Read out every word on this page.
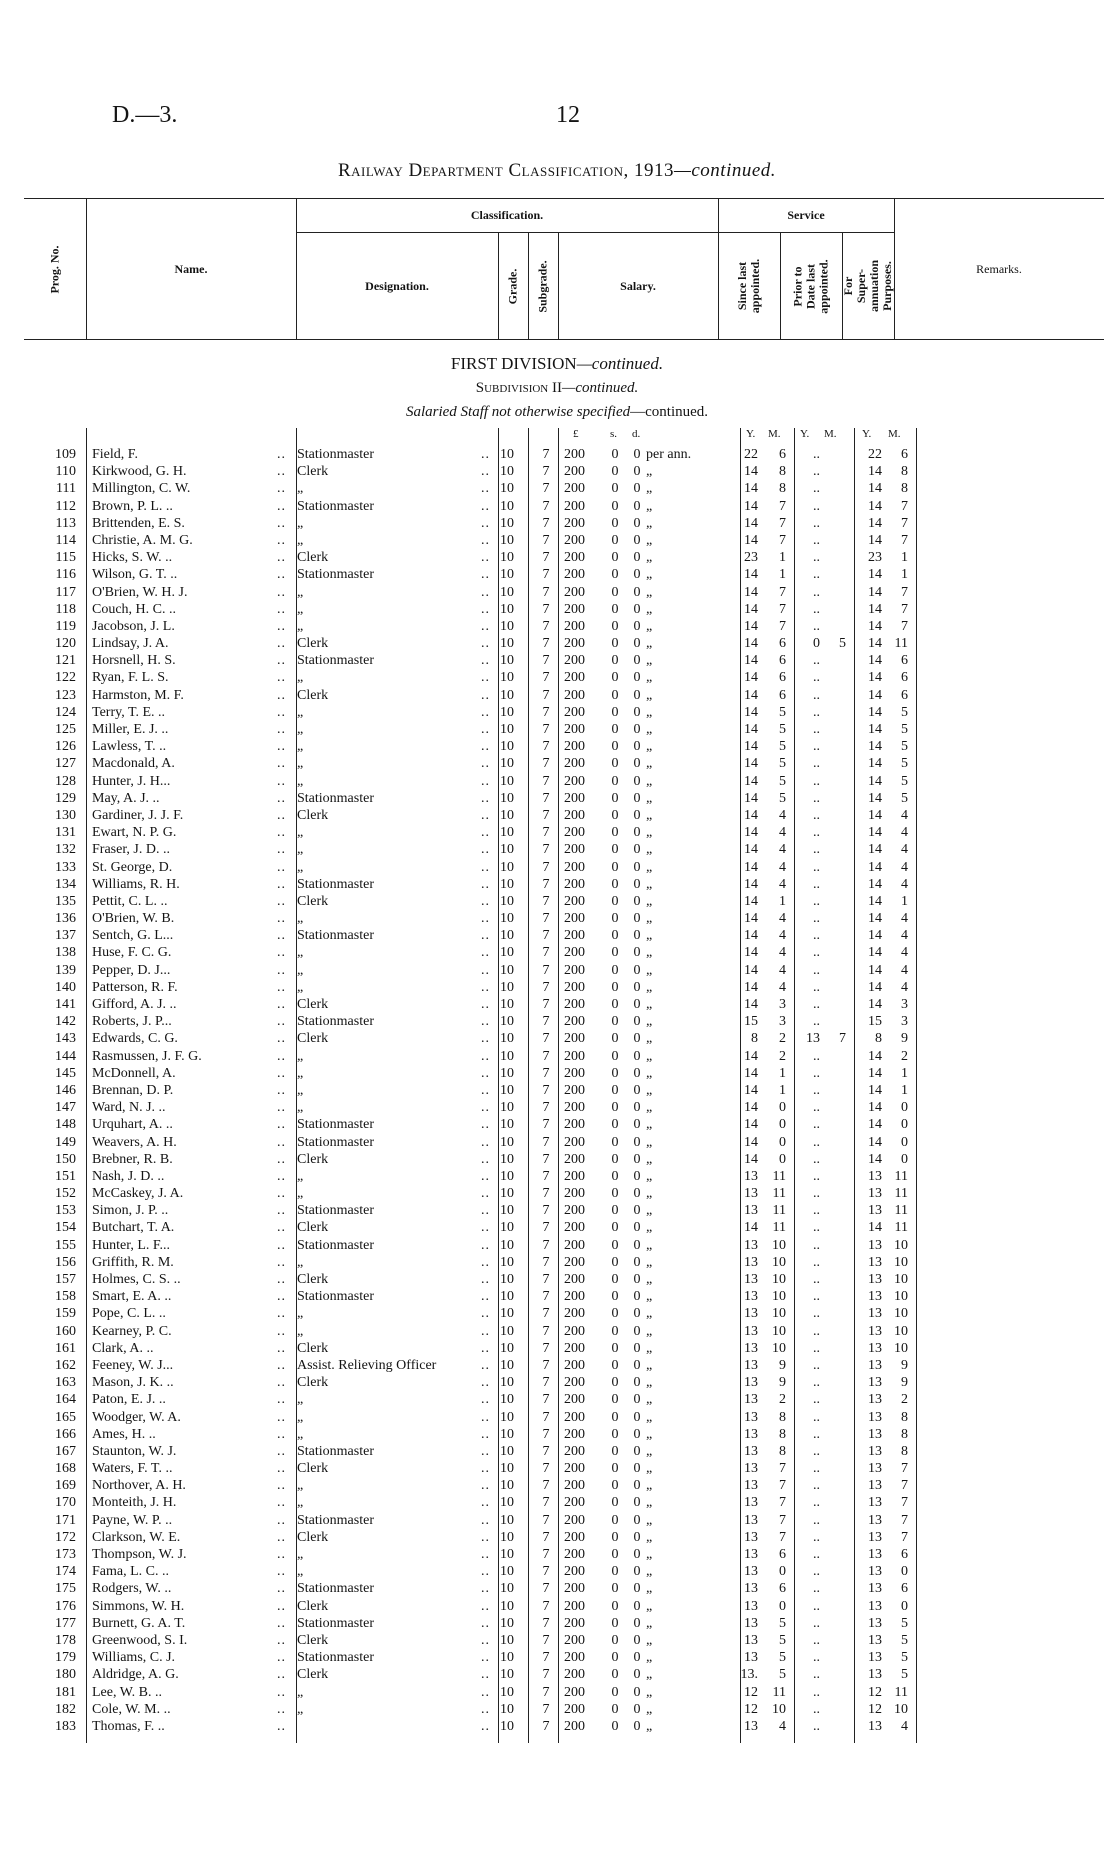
D.—3.	12
Railway Department Classification, 1913—continued.
Prog. No.	Name.
Classification.
Designation.	Grade. Subgrade.	Salary.
Service
Since last appointed. Prior to Date last appointed. For Super-annuation Purposes.	Remarks.
FIRST DIVISION—continued.
Subdivision II—continued.
Salaried Staff not otherwise specified—continued.
£	s. d.	Y. M. Y. M. Y. M.
109 Field, F.	.. Stationmaster	.. 10	7	200	0 0 per ann.	22	6	..	22	6
110 Kirkwood, G. H.	.. Clerk	.. 10	7	200	0 0 „	14	8	..	14	8
111 Millington, C. W.	.. „	.. 10	7	200	0 0 „	14	8	..	14	8
112 Brown, P. L. ..	.. Stationmaster	.. 10	7	200	0 0 „	14	7	..	14	7
113 Brittenden, E. S.	.. „	.. 10	7	200	0 0 „	14	7	..	14	7
114 Christie, A. M. G.	.. „	.. 10	7	200	0 0 „	14	7	..	14	7
115 Hicks, S. W. ..	.. Clerk	.. 10	7	200	0 0 „	23	1	..	23	1
116 Wilson, G. T. ..	.. Stationmaster	.. 10	7	200	0 0 „	14	1	..	14	1
117 O'Brien, W. H. J.	.. „	.. 10	7	200	0 0 „	14	7	..	14	7
118 Couch, H. C. ..	.. „	.. 10	7	200	0 0 „	14	7	..	14	7
119 Jacobson, J. L.	.. „	.. 10	7	200	0 0 „	14	7	..	14	7
120 Lindsay, J. A.	.. Clerk	.. 10	7	200	0 0 „	14	6	0	5	14 11
121 Horsnell, H. S.	.. Stationmaster	.. 10	7	200	0 0 „	14	6	..	14	6
122 Ryan, F. L. S.	.. „	.. 10	7	200	0 0 „	14	6	..	14	6
123 Harmston, M. F.	.. Clerk	.. 10	7	200	0 0 „	14	6	..	14	6
124 Terry, T. E. ..	.. „	.. 10	7	200	0 0 „	14	5	..	14	5
125 Miller, E. J. ..	.. „	.. 10	7	200	0 0 „	14	5	..	14	5
126 Lawless, T. ..	.. „	.. 10	7	200	0 0 „	14	5	..	14	5
127 Macdonald, A.	.. „	.. 10	7	200	0 0 „	14	5	..	14	5
128 Hunter, J. H...	.. „	.. 10	7	200	0 0 „	14	5	..	14	5
129 May, A. J. ..	.. Stationmaster	.. 10	7	200	0 0 „	14	5	..	14	5
130 Gardiner, J. J. F.	.. Clerk	.. 10	7	200	0 0 „	14	4	..	14	4
131 Ewart, N. P. G.	.. „	.. 10	7	200	0 0 „	14	4	..	14	4
132 Fraser, J. D. ..	.. „	.. 10	7	200	0 0 „	14	4	..	14	4
133 St. George, D.	.. „	.. 10	7	200	0 0 „	14	4	..	14	4
134 Williams, R. H.	.. Stationmaster	.. 10	7	200	0 0 „	14	4	..	14	4
135 Pettit, C. L. ..	.. Clerk	.. 10	7	200	0 0 „	14	1	..	14	1
136 O'Brien, W. B.	.. „	.. 10	7	200	0 0 „	14	4	..	14	4
137 Sentch, G. L...	.. Stationmaster	.. 10	7	200	0 0 „	14	4	..	14	4
138 Huse, F. C. G.	.. „	.. 10	7	200	0 0 „	14	4	..	14	4
139 Pepper, D. J...	.. „	.. 10	7	200	0 0 „	14	4	..	14	4
140 Patterson, R. F.	.. „	.. 10	7	200	0 0 „	14	4	..	14	4
141 Gifford, A. J. ..	.. Clerk	.. 10	7	200	0 0 „	14	3	..	14	3
142 Roberts, J. P...	.. Stationmaster	.. 10	7	200	0 0 „	15	3	..	15	3
143 Edwards, C. G.	.. Clerk	.. 10	7	200	0 0 „	8	2	13	7	8	9
144 Rasmussen, J. F. G.	.. „	.. 10	7	200	0 0 „	14	2	..	14	2
145 McDonnell, A.	.. „	.. 10	7	200	0 0 „	14	1	..	14	1
146 Brennan, D. P.	.. „	.. 10	7	200	0 0 „	14	1	..	14	1
147 Ward, N. J. ..	.. „	.. 10	7	200	0 0 „	14	0	..	14	0
148 Urquhart, A. ..	.. Stationmaster	.. 10	7	200	0 0 „	14	0	..	14	0
149 Weavers, A. H.	.. Stationmaster	.. 10	7	200	0 0 „	14	0	..	14	0
150 Brebner, R. B.	.. Clerk	.. 10	7	200	0 0 „	14	0	..	14	0
151 Nash, J. D. ..	.. „	.. 10	7	200	0 0 „	13	11	..	13 11
152 McCaskey, J. A.	.. „	.. 10	7	200	0 0 „	13	11	..	13 11
153 Simon, J. P. ..	.. Stationmaster	.. 10	7	200	0 0 „	13	11	..	13 11
154 Butchart, T. A.	.. Clerk	.. 10	7	200	0 0 „	14	11	..	14 11
155 Hunter, L. F...	.. Stationmaster	.. 10	7	200	0 0 „	13	10	..	13 10
156 Griffith, R. M.	.. „	.. 10	7	200	0 0 „	13	10	..	13 10
157 Holmes, C. S. ..	.. Clerk	.. 10	7	200	0 0 „	13	10	..	13 10
158 Smart, E. A. ..	.. Stationmaster	.. 10	7	200	0 0 „	13	10	..	13 10
159 Pope, C. L. ..	.. „	.. 10	7	200	0 0 „	13	10	..	13 10
160 Kearney, P. C.	.. „	.. 10	7	200	0 0 „	13	10	..	13 10
161 Clark, A. ..	.. Clerk	.. 10	7	200	0 0 „	13	10	..	13 10
162 Feeney, W. J...	.. Assist. Relieving Officer	.. 10	7	200	0 0 „	13	9	..	13	9
163 Mason, J. K. ..	.. Clerk	.. 10	7	200	0 0 „	13	9	..	13	9
164 Paton, E. J. ..	.. „	.. 10	7	200	0 0 „	13	2	..	13	2
165 Woodger, W. A.	.. „	.. 10	7	200	0 0 „	13	8	..	13	8
166 Ames, H. ..	.. „	.. 10	7	200	0 0 „	13	8	..	13	8
167 Staunton, W. J.	.. Stationmaster	.. 10	7	200	0 0 „	13	8	..	13	8
168 Waters, F. T. ..	.. Clerk	.. 10	7	200	0 0 „	13	7	..	13	7
169 Northover, A. H.	.. „	.. 10	7	200	0 0 „	13	7	..	13	7
170 Monteith, J. H.	.. „	.. 10	7	200	0 0 „	13	7	..	13	7
171 Payne, W. P. ..	.. Stationmaster	.. 10	7	200	0 0 „	13	7	..	13	7
172 Clarkson, W. E.	.. Clerk	.. 10	7	200	0 0 „	13	7	..	13	7
173 Thompson, W. J.	.. „	.. 10	7	200	0 0 „	13	6	..	13	6
174 Fama, L. C. ..	.. „	.. 10	7	200	0 0 „	13	0	..	13	0
175 Rodgers, W. ..	.. Stationmaster	.. 10	7	200	0 0 „	13	6	..	13	6
176 Simmons, W. H.	.. Clerk	.. 10	7	200	0 0 „	13	0	..	13	0
177 Burnett, G. A. T.	.. Stationmaster	.. 10	7	200	0 0 „	13	5	..	13	5
178 Greenwood, S. I.	.. Clerk	.. 10	7	200	0 0 „	13	5	..	13	5
179 Williams, C. J.	.. Stationmaster	.. 10	7	200	0 0 „	13	5	..	13	5
180 Aldridge, A. G.	.. Clerk	.. 10	7	200	0 0 „	13.	5	..	13	5
181 Lee, W. B. ..	.. „	.. 10	7	200	0 0 „	12	11	..	12 11
182 Cole, W. M. ..	.. „	.. 10	7	200	0 0 „	12	10	..	12 10
183 Thomas, F. ..	..	.. 10	7	200	0 0 „	13	4	..	13	4
